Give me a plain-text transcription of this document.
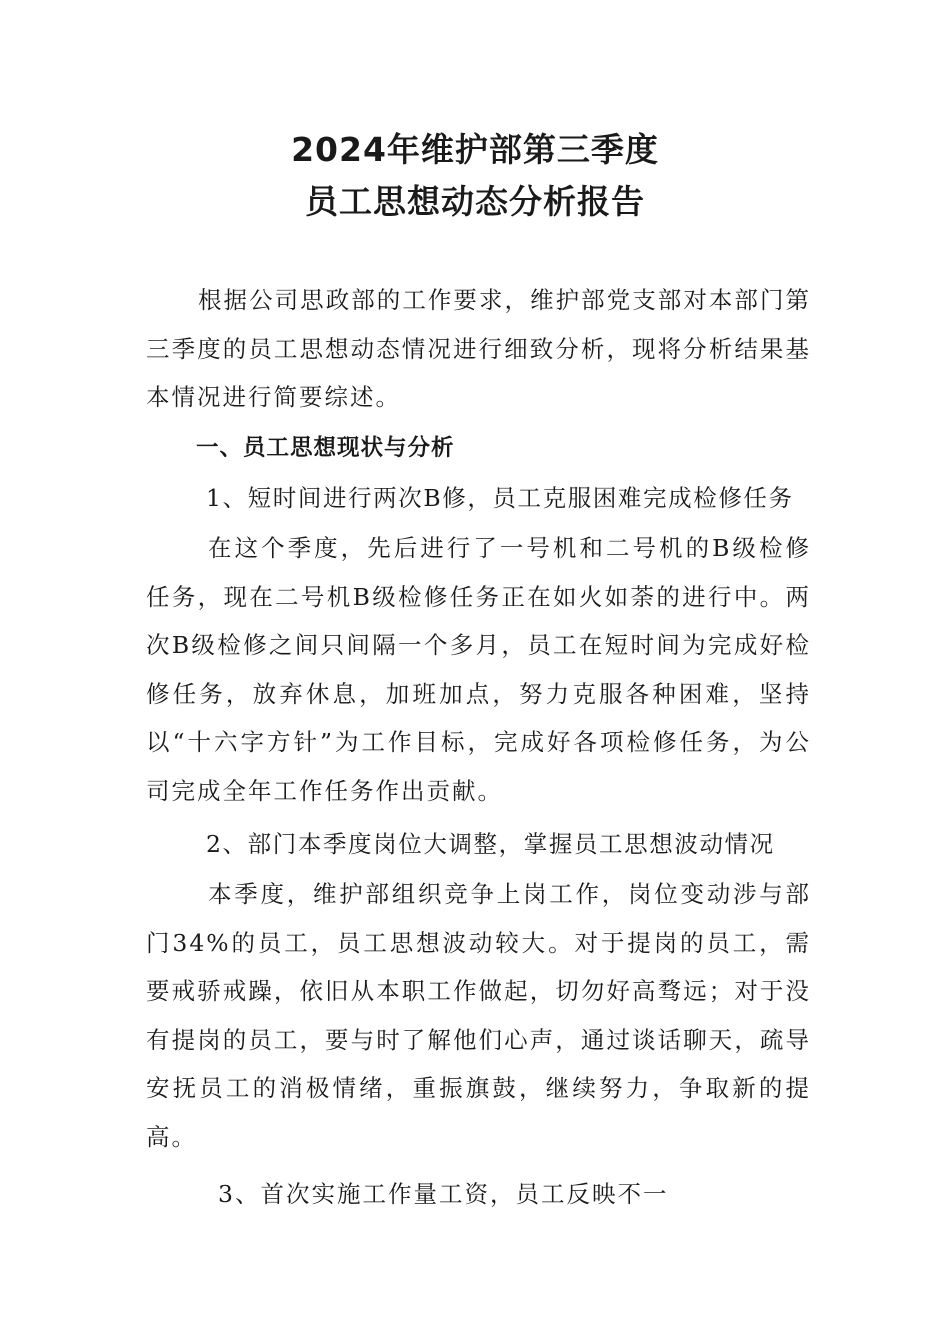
2024年维护部第三季度
员工思想动态分析报告

根据公司思政部的工作要求，维护部党支部对本部门第三季度的员工思想动态情况进行细致分析，现将分析结果基本情况进行简要综述。

一、员工思想现状与分析
1、短时间进行两次B修，员工克服困难完成检修任务

在这个季度，先后进行了一号机和二号机的B级检修任务，现在二号机B级检修任务正在如火如荼的进行中。两次B级检修之间只间隔一个多月，员工在短时间为完成好检修任务，放弃休息，加班加点，努力克服各种困难，坚持以“十六字方针”为工作目标，完成好各项检修任务，为公司完成全年工作任务作出贡献。

2、部门本季度岗位大调整，掌握员工思想波动情况

本季度，维护部组织竞争上岗工作，岗位变动涉与部门34%的员工，员工思想波动较大。对于提岗的员工，需要戒骄戒躁，依旧从本职工作做起，切勿好高骛远；对于没有提岗的员工，要与时了解他们心声，通过谈话聊天，疏导安抚员工的消极情绪，重振旗鼓，继续努力，争取新的提高。

3、首次实施工作量工资，员工反映不一
